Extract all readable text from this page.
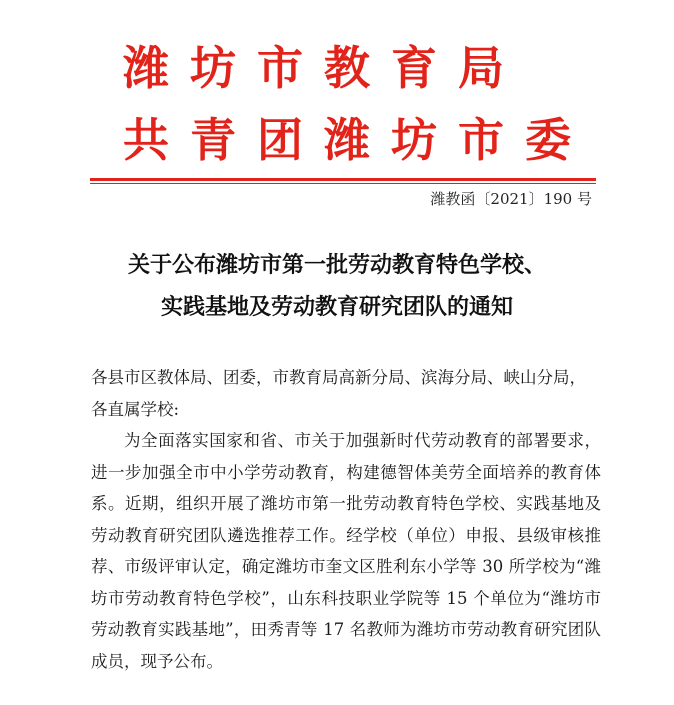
潍坊市教育局
共青团潍坊市委
潍教函〔2021〕190 号
关于公布潍坊市第一批劳动教育特色学校、
实践基地及劳动教育研究团队的通知
各县市区教体局、团委，市教育局高新分局、滨海分局、峡山分局，各直属学校:
为全面落实国家和省、市关于加强新时代劳动教育的部署要求，进一步加强全市中小学劳动教育，构建德智体美劳全面培养的教育体系。近期，组织开展了潍坊市第一批劳动教育特色学校、实践基地及劳动教育研究团队遴选推荐工作。经学校（单位）申报、县级审核推荐、市级评审认定，确定潍坊市奎文区胜利东小学等 30 所学校为“潍坊市劳动教育特色学校”，山东科技职业学院等 15 个单位为“潍坊市劳动教育实践基地”，田秀青等 17 名教师为潍坊市劳动教育研究团队成员，现予公布。
